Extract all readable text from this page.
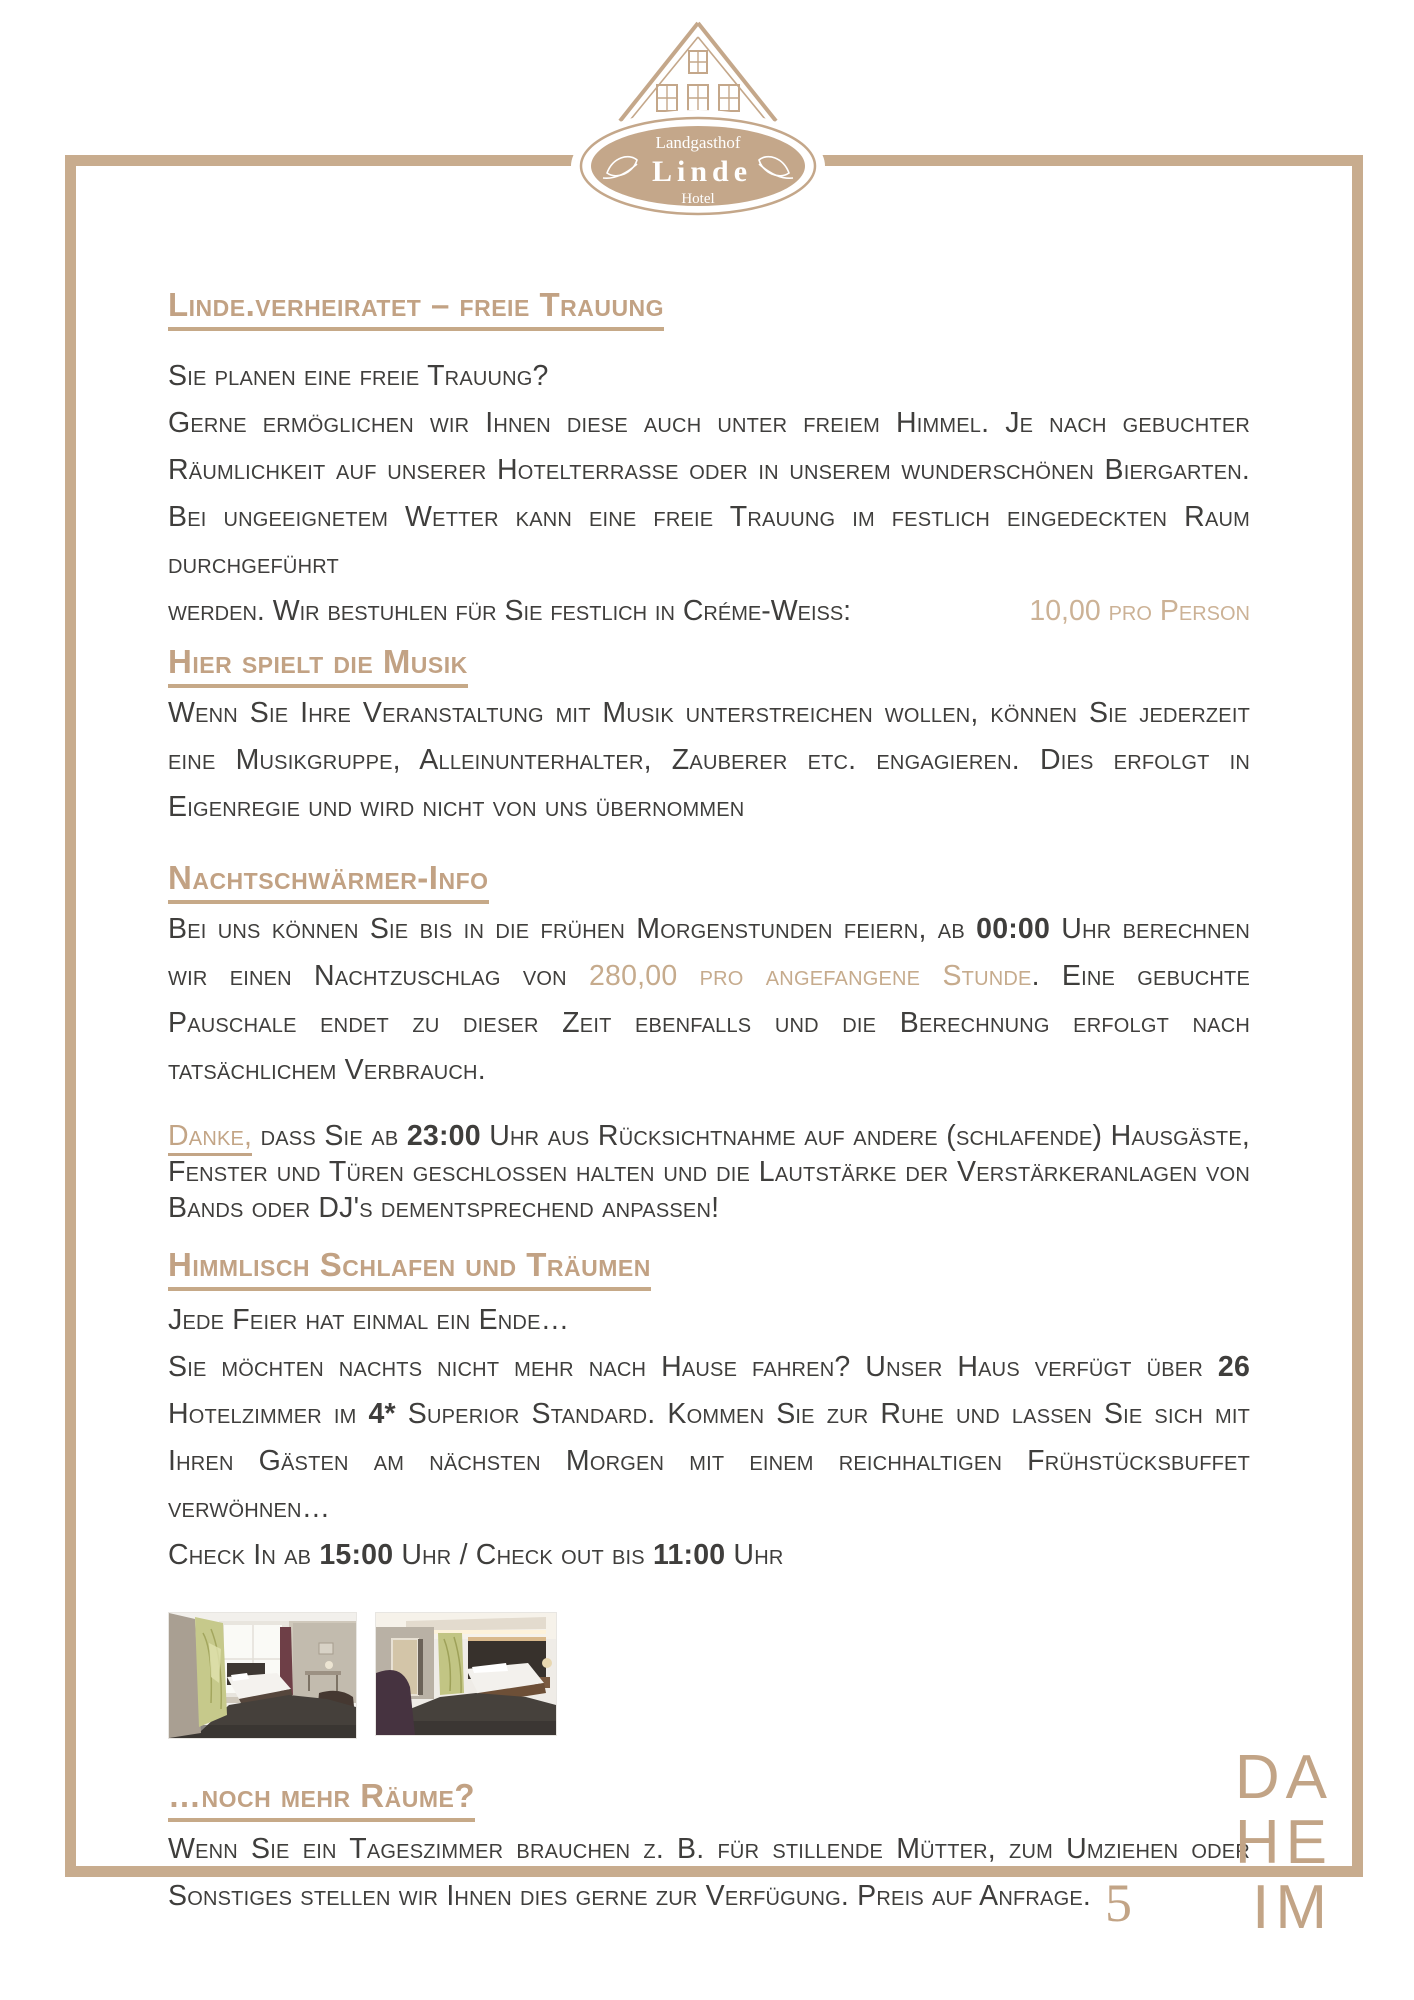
Landgasthof
Linde
Hotel
Linde.verheiratet – freie Trauung

Sie planen eine freie Trauung?

Gerne ermöglichen wir Ihnen diese auch unter freiem Himmel. Je nach gebuchter Räumlichkeit auf unserer Hotelterrasse oder in unserem wunderschönen Biergarten. Bei ungeeignetem Wetter kann eine freie Trauung im festlich eingedeckten Raum durchgeführt

werden. Wir bestuhlen für Sie festlich in Créme-Weiß:	10,00 pro Person
Hier spielt die Musik

Wenn Sie Ihre Veranstaltung mit Musik unterstreichen wollen, können Sie jederzeit eine Musikgruppe, Alleinunterhalter, Zauberer etc. engagieren. Dies erfolgt in Eigenregie und wird nicht von uns übernommen

Nachtschwärmer-Info

Bei uns können Sie bis in die frühen Morgenstunden feiern, ab 00:00 Uhr berechnen wir einen Nachtzuschlag von 280,00 pro angefangene Stunde. Eine gebuchte Pauschale endet zu dieser Zeit ebenfalls und die Berechnung erfolgt nach tatsächlichem Verbrauch.

Danke, dass Sie ab 23:00 Uhr aus Rücksichtnahme auf andere (schlafende) Hausgäste, Fenster und Türen geschlossen halten und die Lautstärke der Verstärkeranlagen von Bands oder DJ's dementsprechend anpassen!

Himmlisch Schlafen und Träumen

Jede Feier hat einmal ein Ende…

Sie möchten nachts nicht mehr nach Hause fahren? Unser Haus verfügt über 26 Hotelzimmer im 4* Superior Standard. Kommen Sie zur Ruhe und lassen Sie sich mit Ihren Gästen am nächsten Morgen mit einem reichhaltigen Frühstücksbuffet verwöhnen…

Check In ab 15:00 Uhr / Check out bis 11:00 Uhr

…noch mehr Räume?

Wenn Sie ein Tageszimmer brauchen z. B. für stillende Mütter, zum Umziehen oder Sonstiges stellen wir Ihnen dies gerne zur Verfügung. Preis auf Anfrage.

DA
HE
IM
5
